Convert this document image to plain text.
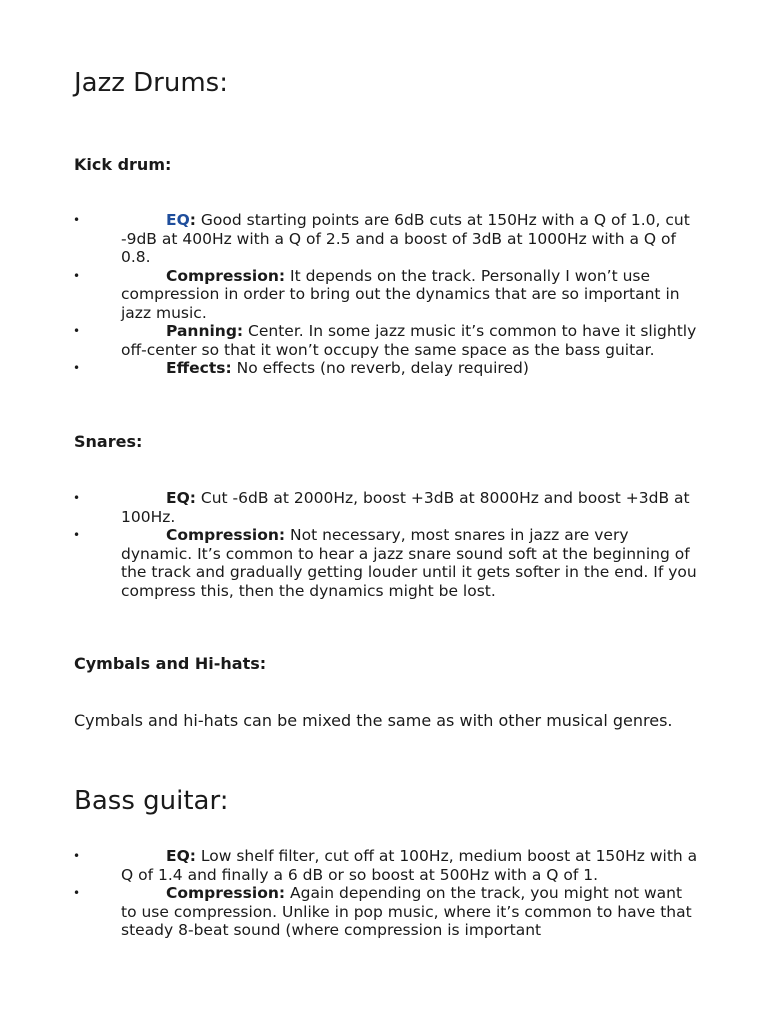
Jazz Drums:
Kick drum:
•	EQ: Good starting points are 6dB cuts at 150Hz with a Q of 1.0, cut -9dB at 400Hz with a Q of 2.5 and a boost of 3dB at 1000Hz with a Q of 0.8.
•	Compression: It depends on the track. Personally I won’t use compression in order to bring out the dynamics that are so important in jazz music.
•	Panning: Center. In some jazz music it’s common to have it slightly off-center so that it won’t occupy the same space as the bass guitar.
•	Effects: No effects (no reverb, delay required)
Snares:
•	EQ: Cut -6dB at 2000Hz, boost +3dB at 8000Hz and boost +3dB at 100Hz.
•	Compression: Not necessary, most snares in jazz are very dynamic. It’s common to hear a jazz snare sound soft at the beginning of the track and gradually getting louder until it gets softer in the end. If you compress this, then the dynamics might be lost.
Cymbals and Hi-hats:

Cymbals and hi-hats can be mixed the same as with other musical genres.

Bass guitar:
•	EQ: Low shelf filter, cut off at 100Hz, medium boost at 150Hz with a Q of 1.4 and finally a 6 dB or so boost at 500Hz with a Q of 1.
•	Compression: Again depending on the track, you might not want to use compression. Unlike in pop music, where it’s common to have that steady 8-beat sound (where compression is important
